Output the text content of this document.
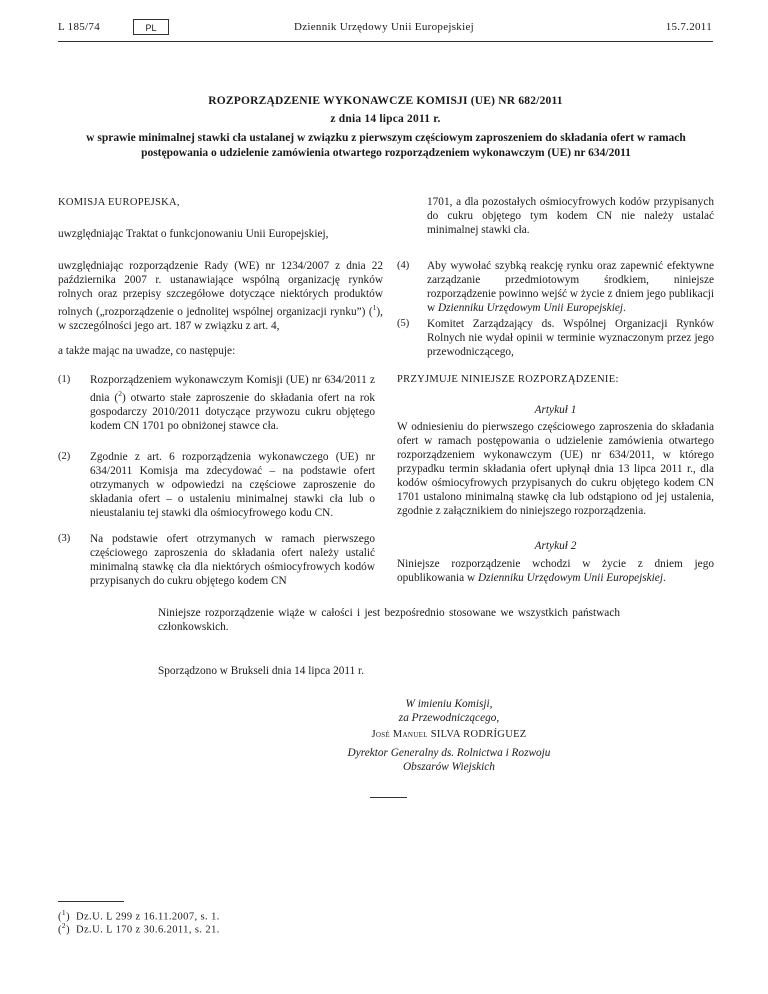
L 185/74	PL	Dziennik Urzędowy Unii Europejskiej	15.7.2011
ROZPORZĄDZENIE WYKONAWCZE KOMISJI (UE) NR 682/2011
z dnia 14 lipca 2011 r.
w sprawie minimalnej stawki cła ustalanej w związku z pierwszym częściowym zaproszeniem do składania ofert w ramach postępowania o udzielenie zamówienia otwartego rozporządzeniem wykonawczym (UE) nr 634/2011
KOMISJA EUROPEJSKA,
uwzględniając Traktat o funkcjonowaniu Unii Europejskiej,
uwzględniając rozporządzenie Rady (WE) nr 1234/2007 z dnia 22 października 2007 r. ustanawiające wspólną organizację rynków rolnych oraz przepisy szczegółowe dotyczące niektórych produktów rolnych („rozporządzenie o jednolitej wspólnej organizacji rynku”) ($^1$), w szczególności jego art. 187 w związku z art. 4,
a także mając na uwadze, co następuje:
(1) Rozporządzeniem wykonawczym Komisji (UE) nr 634/2011 z dnia ($^2$) otwarto stałe zaproszenie do składania ofert na rok gospodarczy 2010/2011 dotyczące przywozu cukru objętego kodem CN 1701 po obniżonej stawce cła.
(2) Zgodnie z art. 6 rozporządzenia wykonawczego (UE) nr 634/2011 Komisja ma zdecydować – na podstawie ofert otrzymanych w odpowiedzi na częściowe zaproszenie do składania ofert – o ustaleniu minimalnej stawki cła lub o nieustalaniu tej stawki dla ośmiocyfrowego kodu CN.
(3) Na podstawie ofert otrzymanych w ramach pierwszego częściowego zaproszenia do składania ofert należy ustalić minimalną stawkę cła dla niektórych ośmiocyfrowych kodów przypisanych do cukru objętego kodem CN
1701, a dla pozostałych ośmiocyfrowych kodów przypisanych do cukru objętego tym kodem CN nie należy ustalać minimalnej stawki cła.
(4) Aby wywołać szybką reakcję rynku oraz zapewnić efektywne zarządzanie przedmiotowym środkiem, niniejsze rozporządzenie powinno wejść w życie z dniem jego publikacji w Dzienniku Urzędowym Unii Europejskiej.
(5) Komitet Zarządzający ds. Wspólnej Organizacji Rynków Rolnych nie wydał opinii w terminie wyznaczonym przez jego przewodniczącego,
PRZYJMUJE NINIEJSZE ROZPORZĄDZENIE:
Artykuł 1
W odniesieniu do pierwszego częściowego zaproszenia do składania ofert w ramach postępowania o udzielenie zamówienia otwartego rozporządzeniem wykonawczym (UE) nr 634/2011, w którego przypadku termin składania ofert upłynął dnia 13 lipca 2011 r., dla kodów ośmiocyfrowych przypisanych do cukru objętego kodem CN 1701 ustalono minimalną stawkę cła lub odstąpiono od jej ustalenia, zgodnie z załącznikiem do niniejszego rozporządzenia.
Artykuł 2
Niniejsze rozporządzenie wchodzi w życie z dniem jego opublikowania w Dzienniku Urzędowym Unii Europejskiej.
Niniejsze rozporządzenie wiąże w całości i jest bezpośrednio stosowane we wszystkich państwach członkowskich.
Sporządzono w Brukseli dnia 14 lipca 2011 r.
W imieniu Komisji,
za Przewodniczącego,
José Manuel SILVA RODRÍGUEZ
Dyrektor Generalny ds. Rolnictwa i Rozwoju
Obszarów Wiejskich
($^1$)  Dz.U. L 299 z 16.11.2007, s. 1.
($^2$)  Dz.U. L 170 z 30.6.2011, s. 21.
